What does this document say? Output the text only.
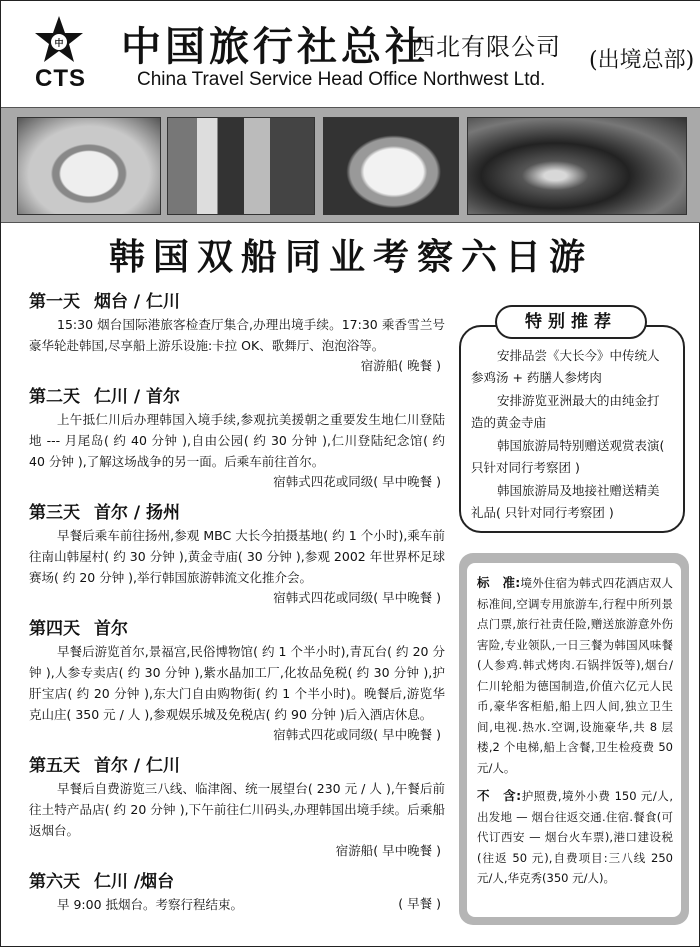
中
CTS
中国旅行社总社
西北有限公司 (出境总部)
China Travel Service Head Office Northwest Ltd.
韩国双船同业考察六日游
第一天 烟台 / 仁川
15:30 烟台国际港旅客检查厅集合,办理出境手续。17:30 乘香雪兰号豪华轮赴韩国,尽享船上游乐设施:卡拉 OK、歌舞厅、泡泡浴等。
宿游船( 晚餐 )
第二天 仁川 / 首尔
上午抵仁川后办理韩国入境手续,参观抗美援朝之重要发生地仁川登陆地 --- 月尾岛( 约 40 分钟 ),自由公园( 约 30 分钟 ),仁川登陆纪念馆( 约 40 分钟 ),了解这场战争的另一面。后乘车前往首尔。
宿韩式四花或同级( 早中晚餐 )
第三天 首尔 / 扬州
早餐后乘车前往扬州,参观 MBC 大长今拍摄基地( 约 1 个小时),乘车前往南山韩屋村( 约 30 分钟 ),黄金寺庙( 30 分钟 ),参观 2002 年世界杯足球赛场( 约 20 分钟 ),举行韩国旅游韩流文化推介会。
宿韩式四花或同级( 早中晚餐 )
第四天 首尔
早餐后游览首尔,景福宫,民俗博物馆( 约 1 个半小时),青瓦台( 约 20 分钟 ),人参专卖店( 约 30 分钟 ),紫水晶加工厂,化妆品免税( 约 30 分钟 ),护肝宝店( 约 20 分钟 ),东大门自由购物街( 约 1 个半小时)。晚餐后,游览华克山庄( 350 元 / 人 ),参观娱乐城及免税店( 约 90 分钟 )后入酒店休息。
宿韩式四花或同级( 早中晚餐 )
第五天 首尔 / 仁川
早餐后自费游览三八线、临津阁、统一展望台( 230 元 / 人 ),午餐后前往土特产品店( 约 20 分钟 ),下午前往仁川码头,办理韩国出境手续。后乘船返烟台。
宿游船( 早中晚餐 )
第六天 仁川 /烟台
早 9:00 抵烟台。考察行程结束。	( 早餐 )
特别推荐
安排品尝《大长今》中传统人参鸡汤 + 药膳人参烤肉
安排游览亚洲最大的由纯金打造的黄金寺庙
韩国旅游局特别赠送观赏表演( 只针对同行考察团 )
韩国旅游局及地接社赠送精美礼品( 只针对同行考察团 )
标　准:境外住宿为韩式四花酒店双人标准间,空调专用旅游车,行程中所列景点门票,旅行社责任险,赠送旅游意外伤害险,专业领队,一日三餐为韩国风味餐(人参鸡.韩式烤肉.石锅拌饭等),烟台/仁川轮船为德国制造,价值六亿元人民币,豪华客柜船,船上四人间,独立卫生间,电视.热水.空调,设施豪华,共 8 层楼,2 个电梯,船上含餐,卫生检疫费 50 元/人。
不　含:护照费,境外小费 150 元/人,出发地 — 烟台往返交通.住宿.餐食(可代订西安 — 烟台火车票),港口建设税(往返 50 元),自费项目:三八线 250 元/人,华克秀(350 元/人)。
